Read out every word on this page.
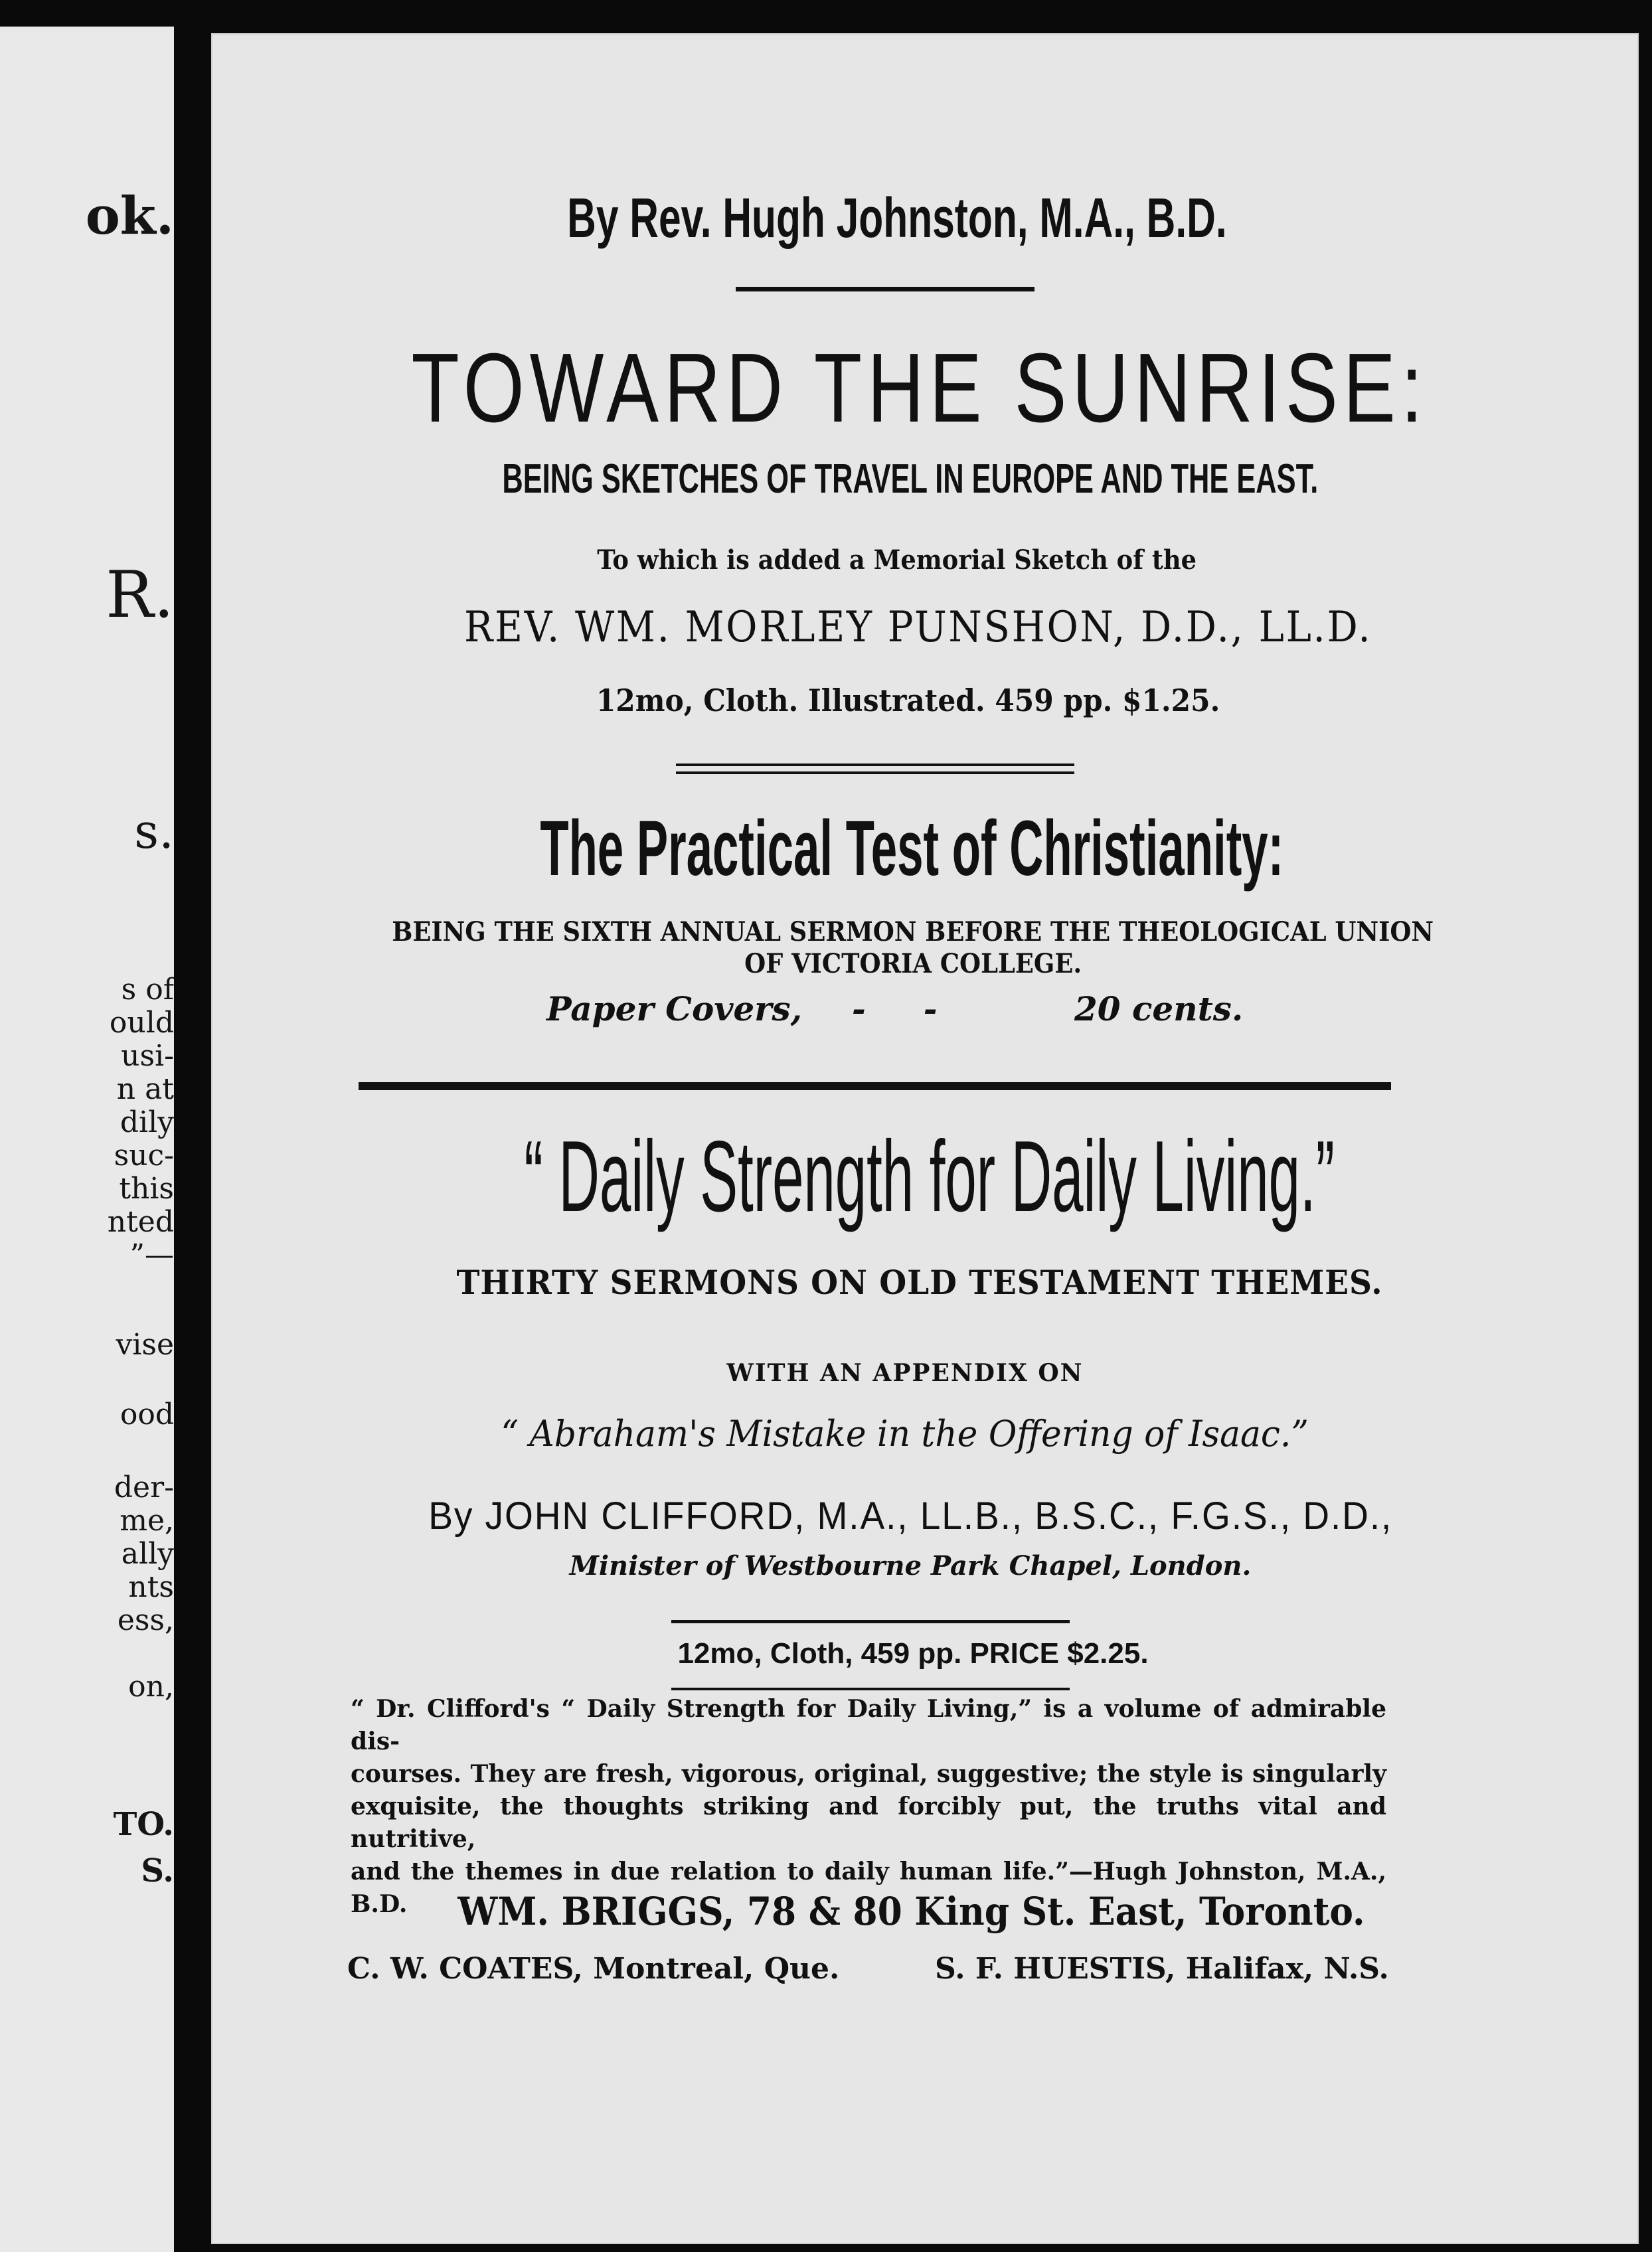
ok.
R.
s.
s of
ould
usi-
n at
dily
suc-
this
nted
”—
vise
ood
der-
me,
ally
nts
ess,
on,
TO.
S.
By Rev. Hugh Johnston, M.A., B.D.
TOWARD THE SUNRISE:
BEING SKETCHES OF TRAVEL IN EUROPE AND THE EAST.
To which is added a Memorial Sketch of the
REV. WM. MORLEY PUNSHON, D.D., LL.D.
12mo, Cloth. Illustrated. 459 pp. $1.25.
The Practical Test of Christianity:
BEING THE SIXTH ANNUAL SERMON BEFORE THE THEOLOGICAL UNION
OF VICTORIA COLLEGE.
Paper Covers, -     -	20 cents.
“ Daily Strength for Daily Living.”
THIRTY SERMONS ON OLD TESTAMENT THEMES.
WITH AN APPENDIX ON
“ Abraham's Mistake in the Offering of Isaac.”
By JOHN CLIFFORD, M.A., LL.B., B.S.C., F.G.S., D.D.,
Minister of Westbourne Park Chapel, London.
12mo, Cloth, 459 pp. PRICE $2.25.
“ Dr. Clifford's “ Daily Strength for Daily Living,” is a volume of admirable dis-
courses. They are fresh, vigorous, original, suggestive; the style is singularly
exquisite, the thoughts striking and forcibly put, the truths vital and nutritive,
and the themes in due relation to daily human life.”—Hugh Johnston, M.A., B.D.	WM. BRIGGS, 78 & 80 King St. East, Toronto.
C. W. COATES, Montreal, Que.	S. F. HUESTIS, Halifax, N.S.
